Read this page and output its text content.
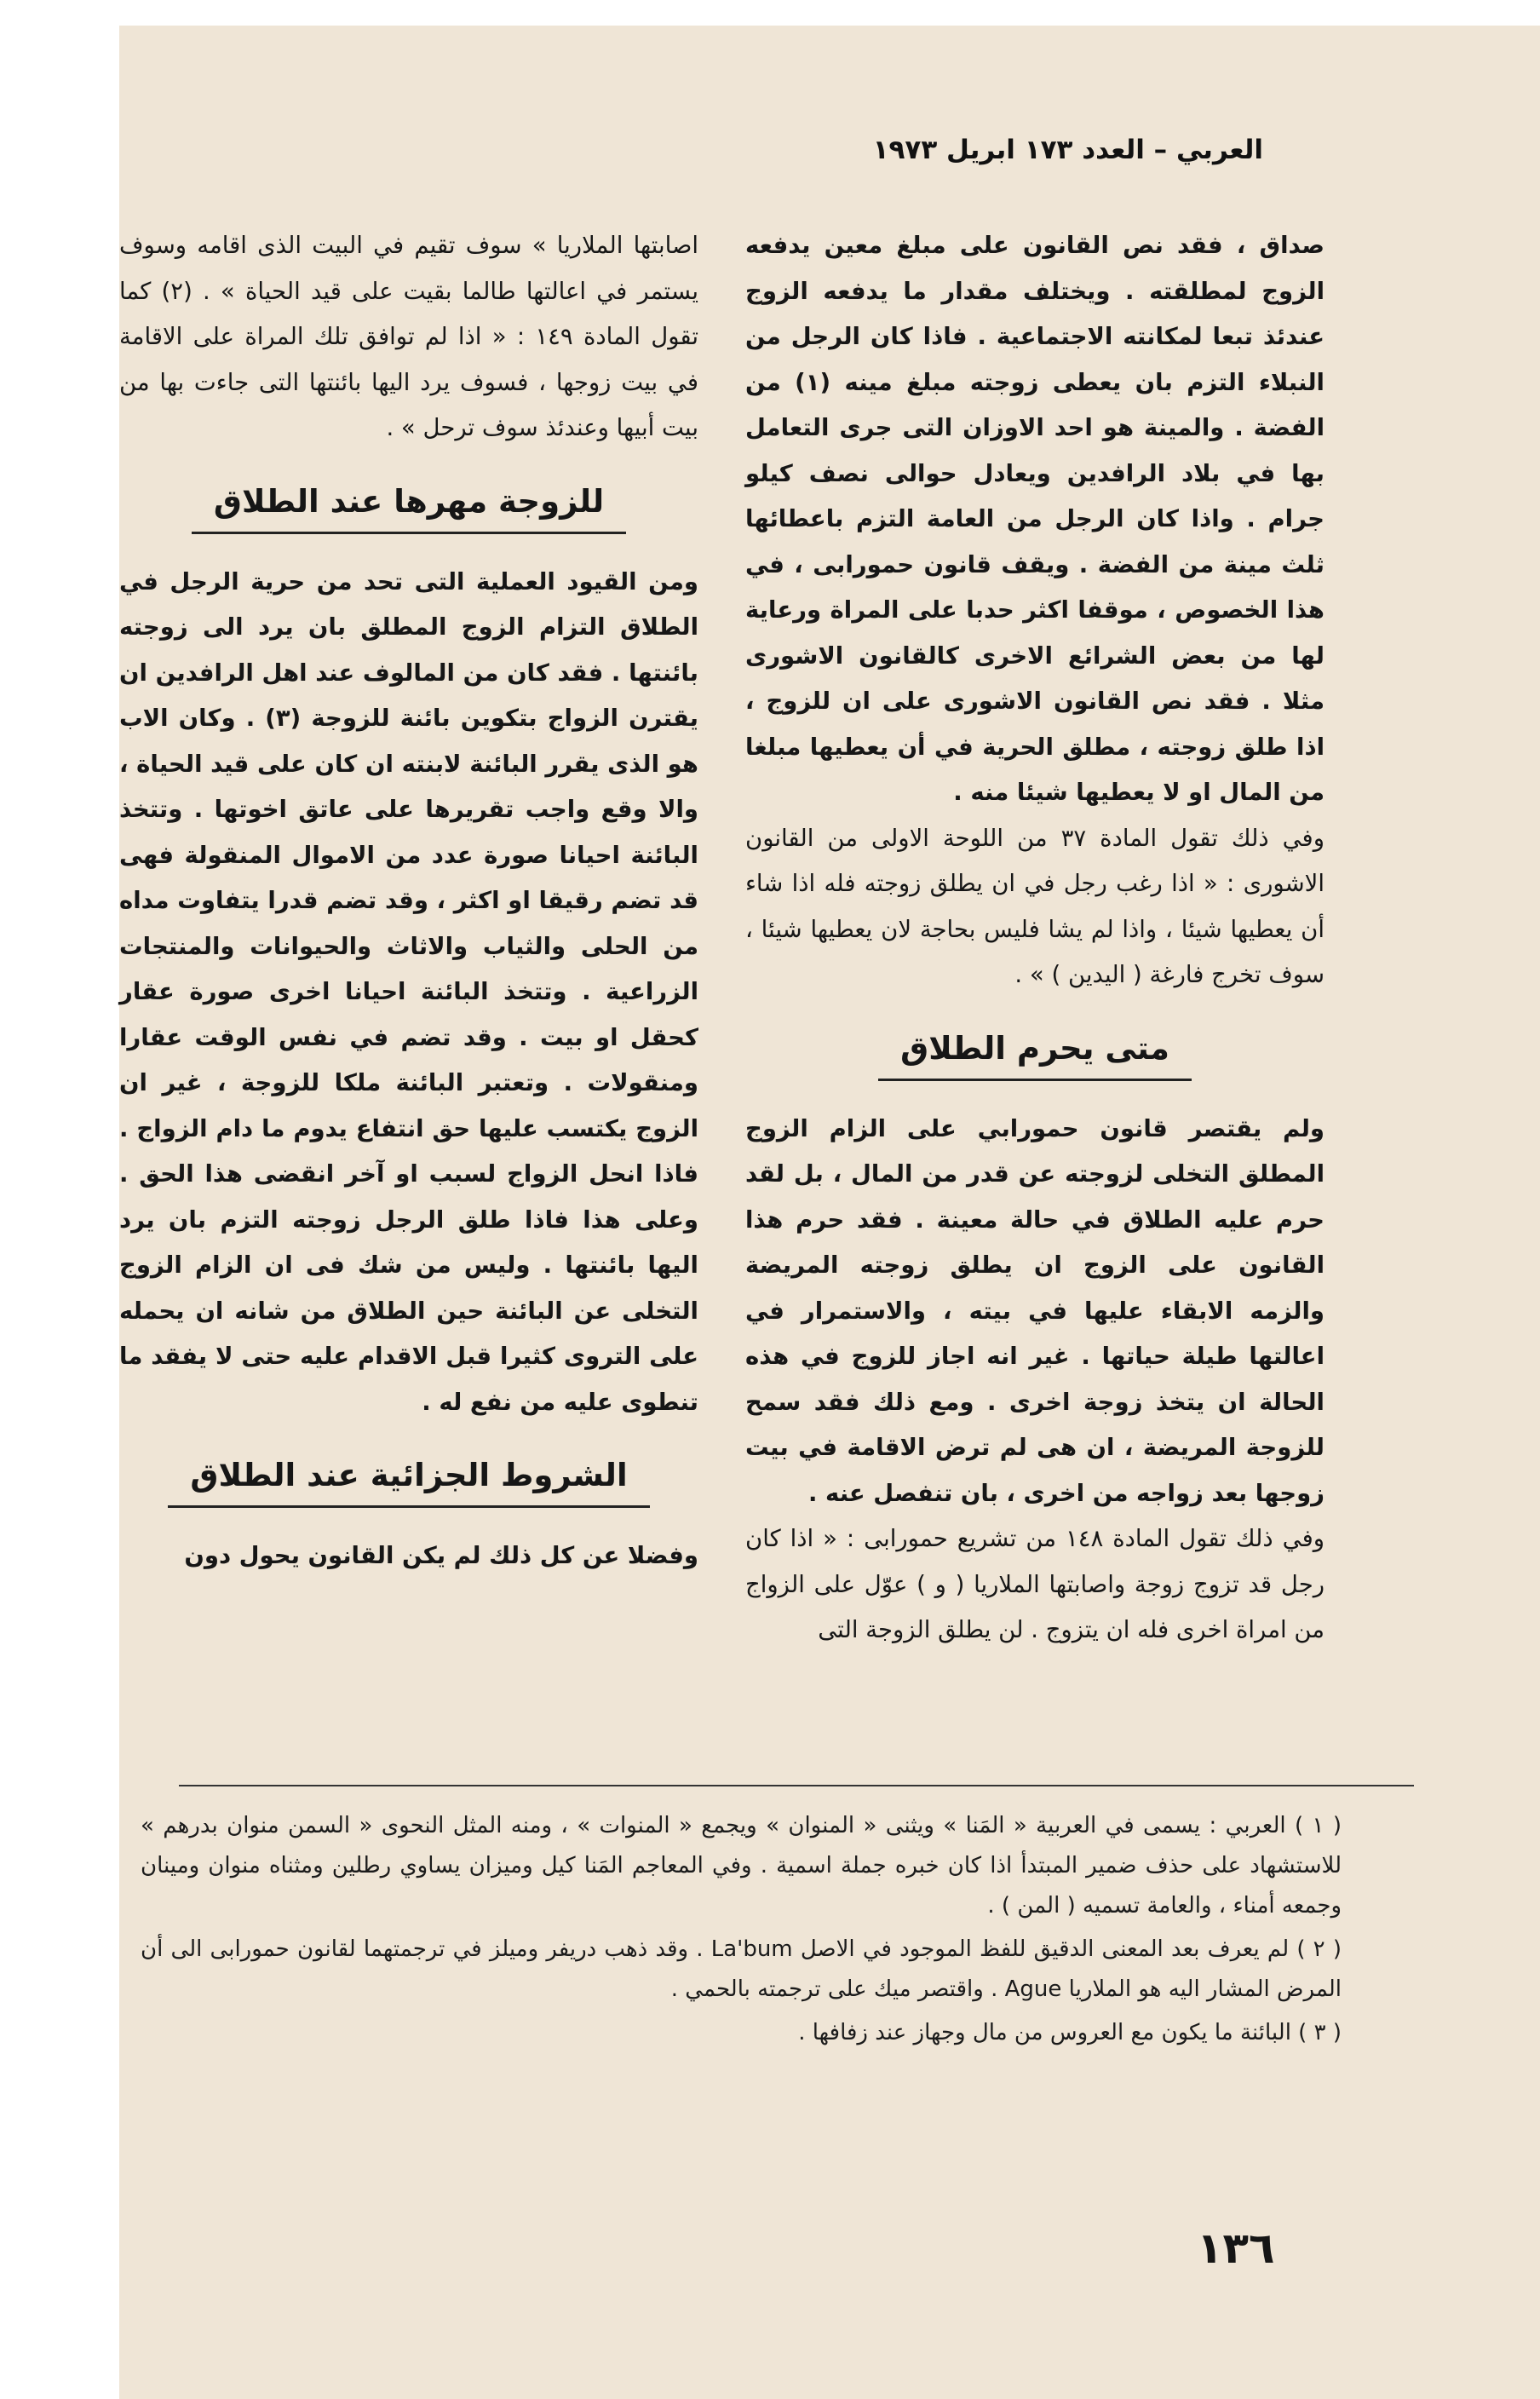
العربي – العدد ١٧٣ ابريل ١٩٧٣

صداق ، فقد نص القانون على مبلغ معين يدفعه الزوج لمطلقته . ويختلف مقدار ما يدفعه الزوج عندئذ تبعا لمكانته الاجتماعية . فاذا كان الرجل من النبلاء التزم بان يعطى زوجته مبلغ مينه (١) من الفضة . والمينة هو احد الاوزان التى جرى التعامل بها في بلاد الرافدين ويعادل حوالى نصف كيلو جرام . واذا كان الرجل من العامة التزم باعطائها ثلث مينة من الفضة . ويقف قانون حمورابى ، في هذا الخصوص ، موقفا اكثر حدبا على المراة ورعاية لها من بعض الشرائع الاخرى كالقانون الاشورى مثلا . فقد نص القانون الاشورى على ان للزوج ، اذا طلق زوجته ، مطلق الحرية في أن يعطيها مبلغا من المال او لا يعطيها شيئا منه .

وفي ذلك تقول المادة ٣٧ من اللوحة الاولى من القانون الاشورى : « اذا رغب رجل في ان يطلق زوجته فله اذا شاء أن يعطيها شيئا ، واذا لم يشا فليس بحاجة لان يعطيها شيئا ، سوف تخرج فارغة ( اليدين ) » .

متى يحرم الطلاق

ولم يقتصر قانون حمورابي على الزام الزوج المطلق التخلى لزوجته عن قدر من المال ، بل لقد حرم عليه الطلاق في حالة معينة . فقد حرم هذا القانون على الزوج ان يطلق زوجته المريضة والزمه الابقاء عليها في بيته ، والاستمرار في اعالتها طيلة حياتها . غير انه اجاز للزوج في هذه الحالة ان يتخذ زوجة اخرى . ومع ذلك فقد سمح للزوجة المريضة ، ان هى لم ترض الاقامة في بيت زوجها بعد زواجه من اخرى ، بان تنفصل عنه .

وفي ذلك تقول المادة ١٤٨ من تشريع حمورابى : « اذا كان رجل قد تزوج زوجة واصابتها الملاريا ( و ) عوّل على الزواج من امراة اخرى فله ان يتزوج . لن يطلق الزوجة التى

اصابتها الملاريا » سوف تقيم في البيت الذى اقامه وسوف يستمر في اعالتها طالما بقيت على قيد الحياة » . (٢) كما تقول المادة ١٤٩ : « اذا لم توافق تلك المراة على الاقامة في بيت زوجها ، فسوف يرد اليها بائنتها التى جاءت بها من بيت أبيها وعندئذ سوف ترحل » .

للزوجة مهرها عند الطلاق

ومن القيود العملية التى تحد من حرية الرجل في الطلاق التزام الزوج المطلق بان يرد الى زوجته بائنتها . فقد كان من المالوف عند اهل الرافدين ان يقترن الزواج بتكوين بائنة للزوجة (٣) . وكان الاب هو الذى يقرر البائنة لابنته ان كان على قيد الحياة ، والا وقع واجب تقريرها على عاتق اخوتها . وتتخذ البائنة احيانا صورة عدد من الاموال المنقولة فهى قد تضم رقيقا او اكثر ، وقد تضم قدرا يتفاوت مداه من الحلى والثياب والاثاث والحيوانات والمنتجات الزراعية . وتتخذ البائنة احيانا اخرى صورة عقار كحقل او بيت . وقد تضم في نفس الوقت عقارا ومنقولات . وتعتبر البائنة ملكا للزوجة ، غير ان الزوج يكتسب عليها حق انتفاع يدوم ما دام الزواج . فاذا انحل الزواج لسبب او آخر انقضى هذا الحق . وعلى هذا فاذا طلق الرجل زوجته التزم بان يرد اليها بائنتها . وليس من شك فى ان الزام الزوج التخلى عن البائنة حين الطلاق من شانه ان يحمله على التروى كثيرا قبل الاقدام عليه حتى لا يفقد ما تنطوى عليه من نفع له .

الشروط الجزائية عند الطلاق

وفضلا عن كل ذلك لم يكن القانون يحول دون

( ١ ) العربي : يسمى في العربية « المَنا » ويثنى « المنوان » ويجمع « المنوات » ، ومنه المثل النحوى « السمن منوان بدرهم » للاستشهاد على حذف ضمير المبتدأ اذا كان خبره جملة اسمية . وفي المعاجم المَنا كيل وميزان يساوي رطلين ومثناه منوان ومينان وجمعه أمناء ، والعامة تسميه ( المن ) .

( ٢ ) لم يعرف بعد المعنى الدقيق للفظ الموجود في الاصل La'bum . وقد ذهب دريفر وميلز في ترجمتهما لقانون حمورابى الى أن المرض المشار اليه هو الملاريا Ague . واقتصر ميك على ترجمته بالحمي .

( ٣ ) البائنة ما يكون مع العروس من مال وجهاز عند زفافها .

١٣٦
